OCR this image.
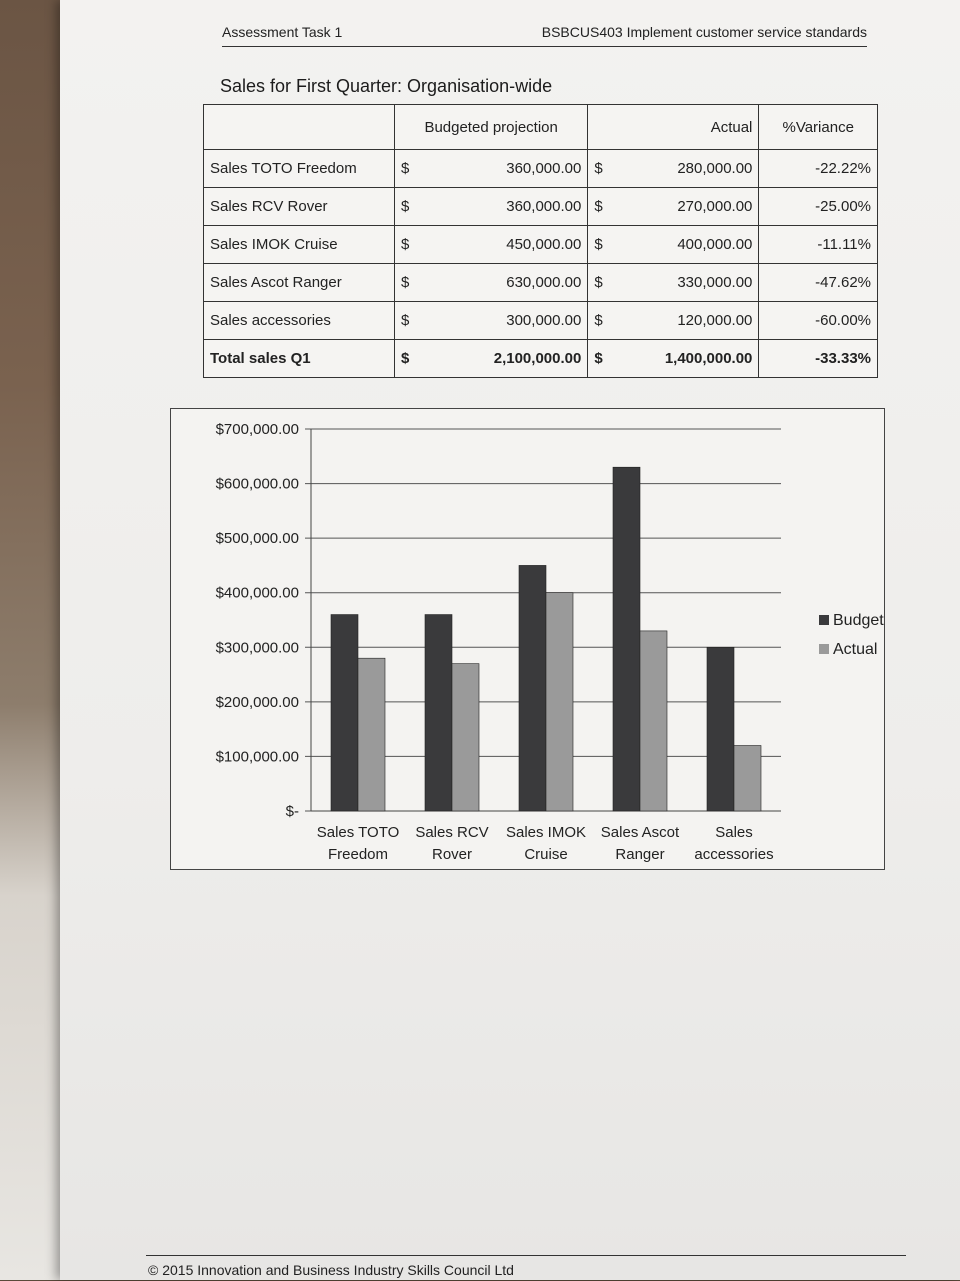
Assessment Task 1	BSBCUS403 Implement customer service standards
Sales for First Quarter: Organisation-wide
	Budgeted projection		Actual		%Variance
Sales TOTO Freedom	$	360,000.00	$	280,000.00	-22.22%
Sales RCV Rover	$	360,000.00	$	270,000.00	-25.00%
Sales IMOK Cruise	$	450,000.00	$	400,000.00	-11.11%
Sales Ascot Ranger	$	630,000.00	$	330,000.00	-47.62%
Sales accessories	$	300,000.00	$	120,000.00	-60.00%
Total sales Q1	$	2,100,000.00	$	1,400,000.00	-33.33%
$-
$100,000.00
$200,000.00
$300,000.00
$400,000.00
$500,000.00
$600,000.00
$700,000.00
Sales TOTO
Freedom
Sales RCV
Rover
Sales IMOK
Cruise
Sales Ascot
Ranger
Sales
accessories
Budget
Actual
© 2015 Innovation and Business Industry Skills Council Ltd
